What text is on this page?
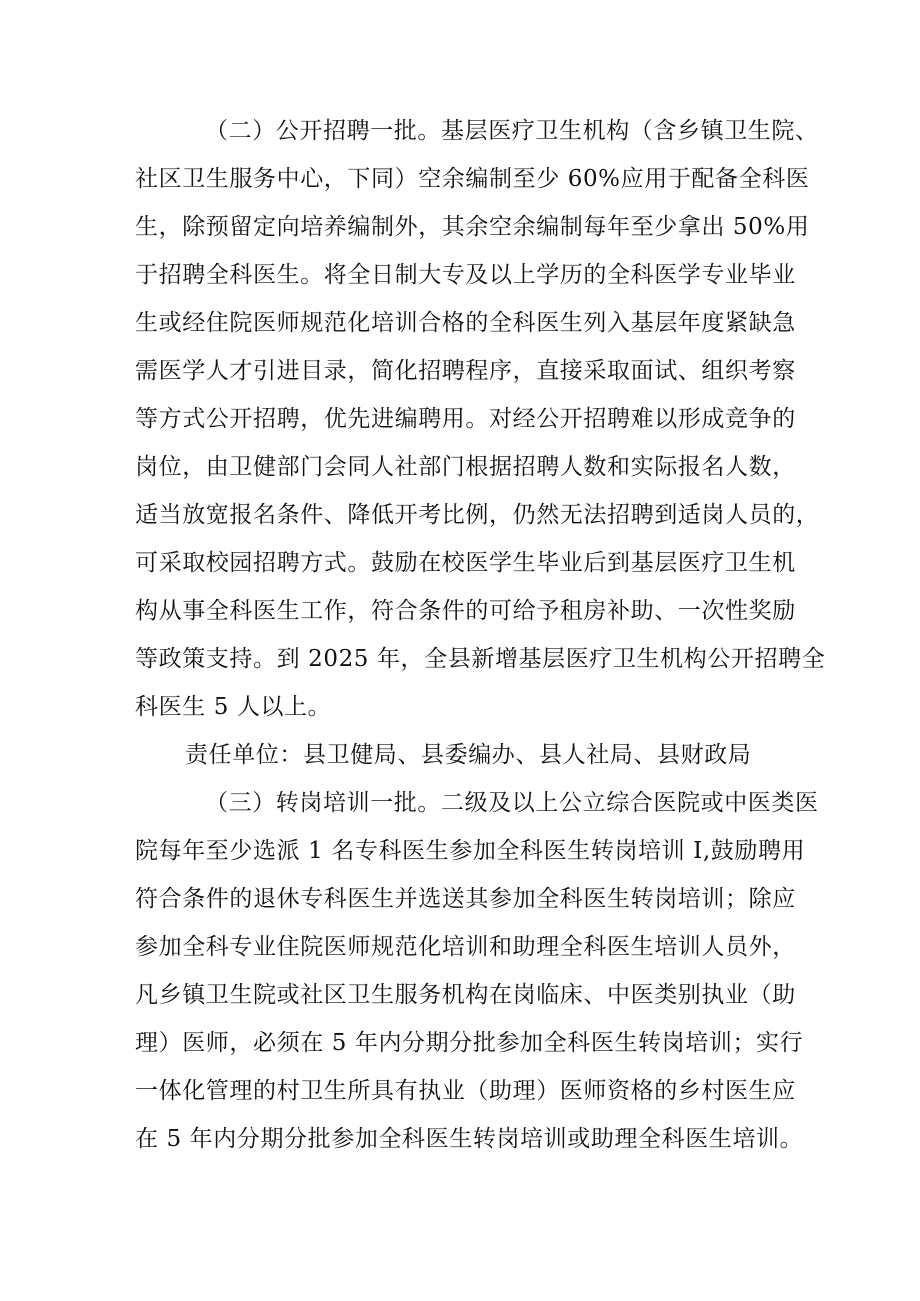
（二）公开招聘一批。基层医疗卫生机构（含乡镇卫生院、
社区卫生服务中心，下同）空余编制至少 60%应用于配备全科医
生，除预留定向培养编制外，其余空余编制每年至少拿出 50%用
于招聘全科医生。将全日制大专及以上学历的全科医学专业毕业
生或经住院医师规范化培训合格的全科医生列入基层年度紧缺急
需医学人才引进目录，简化招聘程序，直接采取面试、组织考察
等方式公开招聘，优先进编聘用。对经公开招聘难以形成竞争的
岗位，由卫健部门会同人社部门根据招聘人数和实际报名人数，
适当放宽报名条件、降低开考比例，仍然无法招聘到适岗人员的，
可采取校园招聘方式。鼓励在校医学生毕业后到基层医疗卫生机
构从事全科医生工作，符合条件的可给予租房补助、一次性奖励
等政策支持。到 2025 年，全县新增基层医疗卫生机构公开招聘全
科医生 5 人以上。
责任单位：县卫健局、县委编办、县人社局、县财政局
（三）转岗培训一批。二级及以上公立综合医院或中医类医
院每年至少选派 1 名专科医生参加全科医生转岗培训 I,鼓励聘用
符合条件的退休专科医生并选送其参加全科医生转岗培训；除应
参加全科专业住院医师规范化培训和助理全科医生培训人员外，
凡乡镇卫生院或社区卫生服务机构在岗临床、中医类别执业（助
理）医师，必须在 5 年内分期分批参加全科医生转岗培训；实行
一体化管理的村卫生所具有执业（助理）医师资格的乡村医生应
在 5 年内分期分批参加全科医生转岗培训或助理全科医生培训。
